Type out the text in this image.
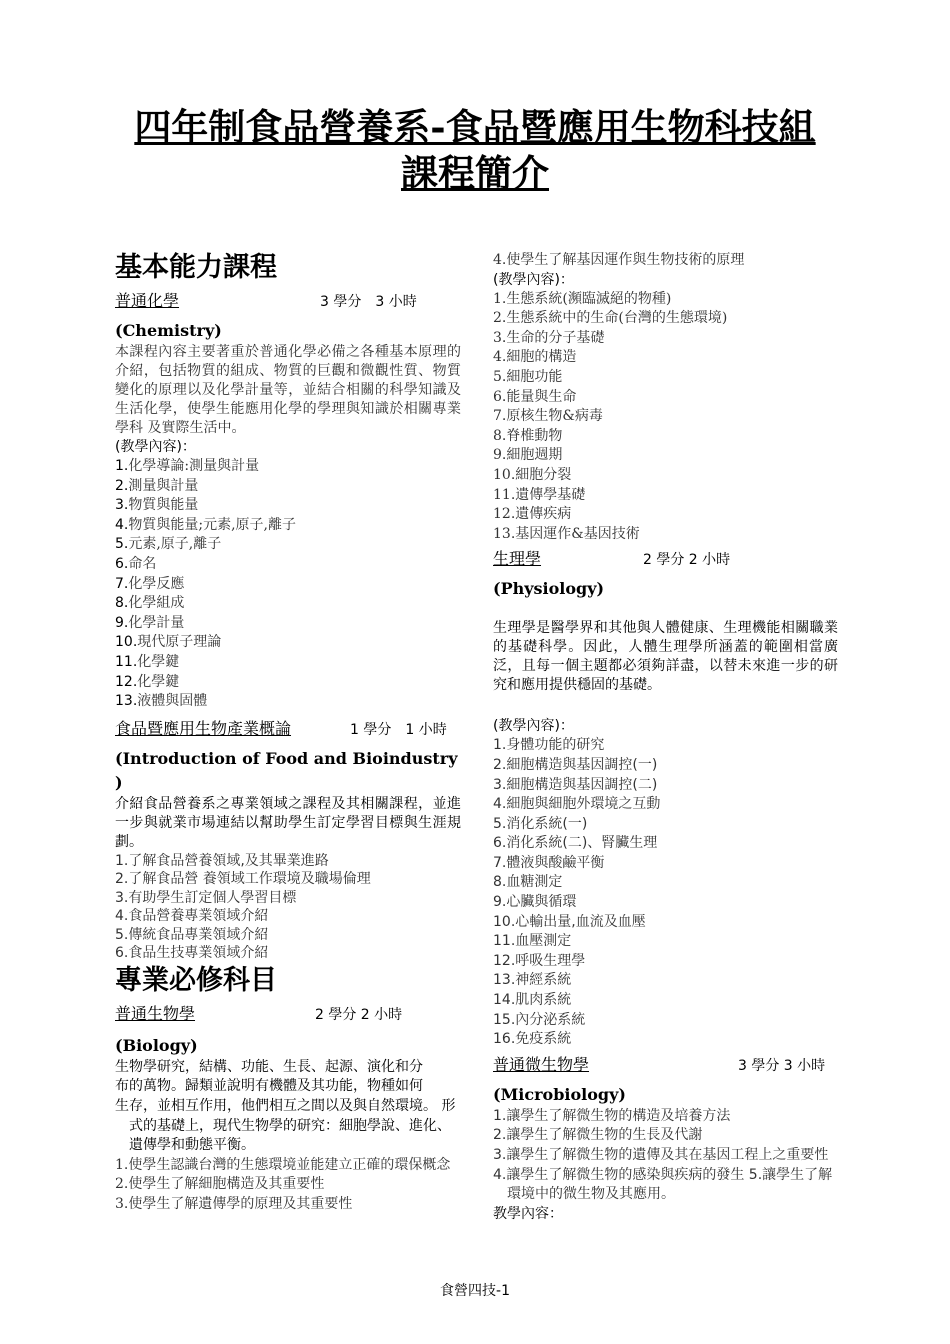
四年制食品營養系-食品暨應用生物科技組
課程簡介
基本能力課程
普通化學	3 學分　3 小時
(Chemistry)
本課程內容主要著重於普通化學必備之各種基本原理的介紹，包括物質的組成、物質的巨觀和微觀性質、物質 變化的原理以及化學計量等，並結合相關的科學知識及生活化學，使學生能應用化學的學理與知識於相關專業學科 及實際生活中。
(教學內容)：
1.化學導論:測量與計量
2.測量與計量
3.物質與能量
4.物質與能量;元素,原子,離子
5.元素,原子,離子
6.命名
7.化學反應
8.化學組成
9.化學計量
10.現代原子理論
11.化學鍵
12.化學鍵
13.液體與固體
食品暨應用生物產業概論	1 學分　1 小時
(Introduction of Food and Bioindustry )
介紹食品營養系之專業領域之課程及其相關課程，並進一步與就業市場連結以幫助學生訂定學習目標與生涯規劃。
1.了解食品營養領域,及其畢業進路
2.了解食品營 養領域工作環境及職場倫理
3.有助學生訂定個人學習目標
4.食品營養專業領域介紹
5.傳統食品專業領域介紹
6.食品生技專業領域介紹
專業必修科目
普通生物學	2 學分 2 小時
(Biology)
生物學研究，結構、功能、生長、起源、演化和分
布的萬物。歸類並說明有機體及其功能，物種如何
生存，並相互作用，他們相互之間以及與自然環境。 形式的基礎上，現代生物學的研究：細胞學說、進化、遺傳學和動態平衡。
1.使學生認識台灣的生態環境並能建立正確的環保概念
2.使學生了解細胞構造及其重要性
3.使學生了解遺傳學的原理及其重要性
4.使學生了解基因運作與生物技術的原理
(教學內容)：
1.生態系統(瀕臨滅絕的物種)
2.生態系統中的生命(台灣的生態環境)
3.生命的分子基礎
4.細胞的構造
5.細胞功能
6.能量與生命
7.原核生物&病毒
8.脊椎動物
9.細胞週期
10.細胞分裂
11.遺傳學基礎
12.遺傳疾病
13.基因運作&基因技術
生理學	2 學分 2 小時
(Physiology)
生理學是醫學界和其他與人體健康、生理機能相關職業的基礎科學。因此，人體生理學所涵蓋的範圍相當廣泛，且每一個主題都必須夠詳盡，以替未來進一步的研究和應用提供穩固的基礎。
(教學內容)：
1.身體功能的研究
2.細胞構造與基因調控(一)
3.細胞構造與基因調控(二)
4.細胞與細胞外環境之互動
5.消化系統(一)
6.消化系統(二)、腎臟生理
7.體液與酸鹼平衡
8.血糖測定
9.心臟與循環
10.心輸出量,血流及血壓
11.血壓測定
12.呼吸生理學
13.神經系統
14.肌肉系統
15.內分泌系統
16.免疫系統
普通微生物學	3 學分 3 小時
(Microbiology)
1.讓學生了解微生物的構造及培養方法
2.讓學生了解微生物的生長及代謝
3.讓學生了解微生物的遺傳及其在基因工程上之重要性
4.讓學生了解微生物的感染與疾病的發生 5.讓學生了解環境中的微生物及其應用。
教學內容：
食營四技-1
